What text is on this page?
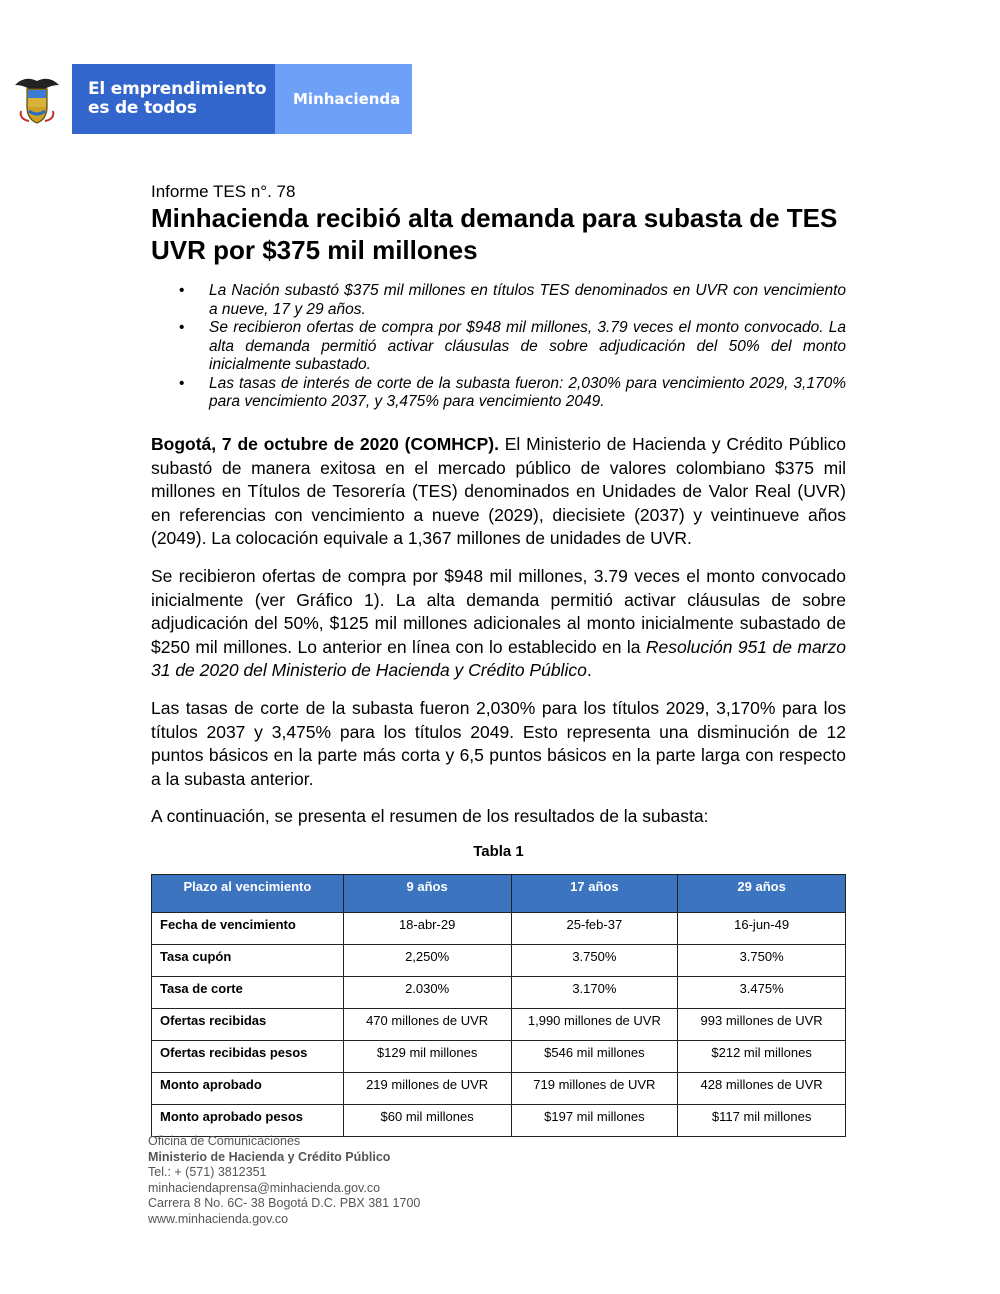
El emprendimiento
es de todos	Minhacienda
Informe TES n°. 78
Minhacienda recibió alta demanda para subasta de TES UVR por $375 mil millones
• La Nación subastó $375 mil millones en títulos TES denominados en UVR con vencimiento a nueve, 17 y 29 años.
• Se recibieron ofertas de compra por $948 mil millones, 3.79 veces el monto convocado. La alta demanda permitió activar cláusulas de sobre adjudicación del 50% del monto inicialmente subastado.
• Las tasas de interés de corte de la subasta fueron: 2,030% para vencimiento 2029, 3,170% para vencimiento 2037, y 3,475% para vencimiento 2049.

Bogotá, 7 de octubre de 2020 (COMHCP). El Ministerio de Hacienda y Crédito Público subastó de manera exitosa en el mercado público de valores colombiano $375 mil millones en Títulos de Tesorería (TES) denominados en Unidades de Valor Real (UVR) en referencias con vencimiento a nueve (2029), diecisiete (2037) y veintinueve años (2049). La colocación equivale a 1,367 millones de unidades de UVR.

Se recibieron ofertas de compra por $948 mil millones, 3.79 veces el monto convocado inicialmente (ver Gráfico 1). La alta demanda permitió activar cláusulas de sobre adjudicación del 50%, $125 mil millones adicionales al monto inicialmente subastado de $250 mil millones. Lo anterior en línea con lo establecido en la Resolución 951 de marzo 31 de 2020 del Ministerio de Hacienda y Crédito Público.

Las tasas de corte de la subasta fueron 2,030% para los títulos 2029, 3,170% para los títulos 2037 y 3,475% para los títulos 2049. Esto representa una disminución de 12 puntos básicos en la parte más corta y 6,5 puntos básicos en la parte larga con respecto a la subasta anterior.

A continuación, se presenta el resumen de los resultados de la subasta:

Tabla 1
Plazo al vencimiento	9 años	17 años	29 años
Fecha de vencimiento	18-abr-29	25-feb-37	16-jun-49
Tasa cupón	2,250%	3.750%	3.750%
Tasa de corte	2.030%	3.170%	3.475%
Ofertas recibidas	470 millones de UVR	1,990 millones de UVR	993 millones de UVR
Ofertas recibidas pesos	$129 mil millones	$546 mil millones	$212 mil millones
Monto aprobado	219 millones de UVR	719 millones de UVR	428 millones de UVR
Monto aprobado pesos	$60 mil millones	$197 mil millones	$117 mil millones
Oficina de Comunicaciones
Ministerio de Hacienda y Crédito Público
Tel.: + (571) 3812351
minhaciendaprensa@minhacienda.gov.co
Carrera 8 No. 6C- 38 Bogotá D.C. PBX 381 1700
www.minhacienda.gov.co
